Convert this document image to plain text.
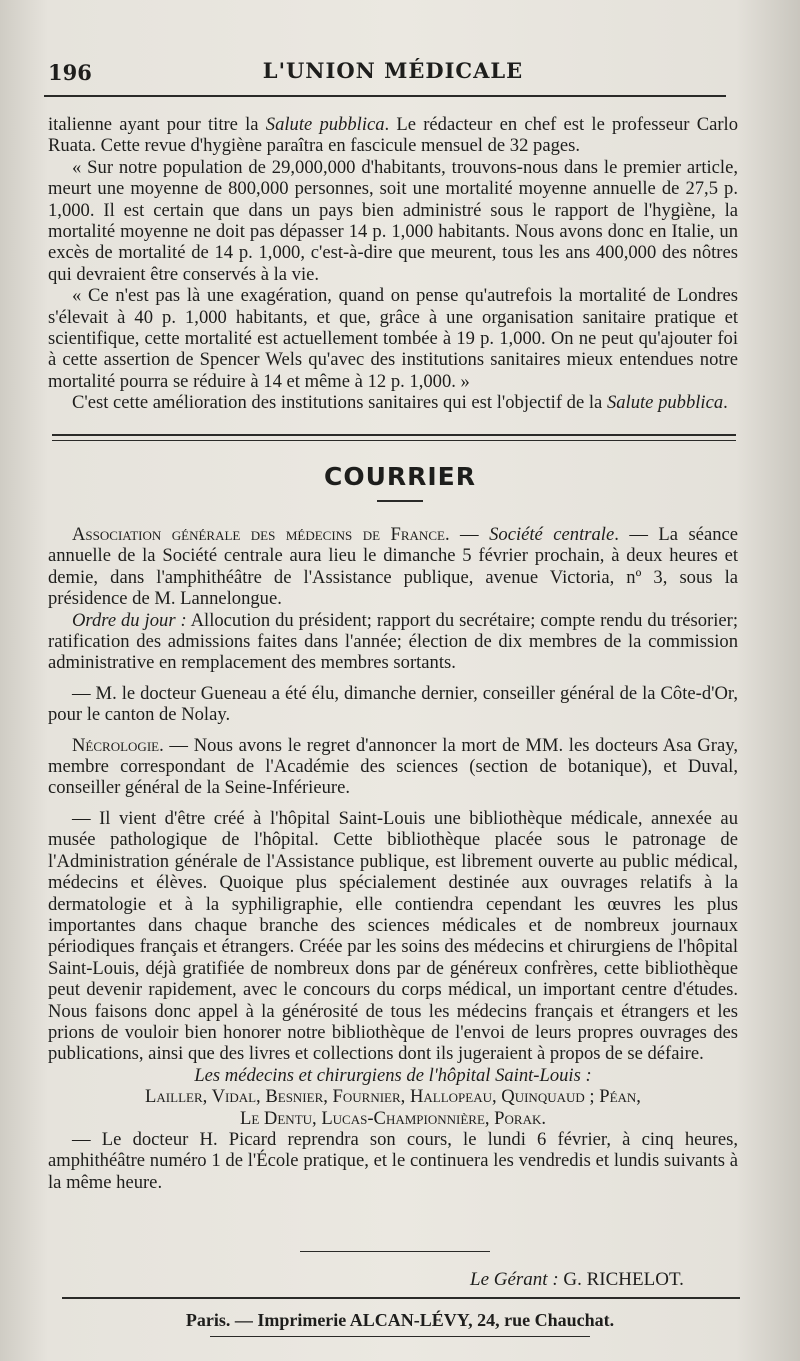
196	L'UNION MÉDICALE

italienne ayant pour titre la Salute pubblica. Le rédacteur en chef est le professeur Carlo Ruata. Cette revue d'hygiène paraîtra en fascicule mensuel de 32 pages.

« Sur notre population de 29,000,000 d'habitants, trouvons-nous dans le premier article, meurt une moyenne de 800,000 personnes, soit une mortalité moyenne annuelle de 27,5 p. 1,000. Il est certain que dans un pays bien administré sous le rapport de l'hygiène, la mortalité moyenne ne doit pas dépasser 14 p. 1,000 habitants. Nous avons donc en Italie, un excès de mortalité de 14 p. 1,000, c'est-à-dire que meurent, tous les ans 400,000 des nôtres qui devraient être conservés à la vie.

« Ce n'est pas là une exagération, quand on pense qu'autrefois la mortalité de Londres s'élevait à 40 p. 1,000 habitants, et que, grâce à une organisation sanitaire pratique et scientifique, cette mortalité est actuellement tombée à 19 p. 1,000. On ne peut qu'ajouter foi à cette assertion de Spencer Wels qu'avec des institutions sanitaires mieux entendues notre mortalité pourra se réduire à 14 et même à 12 p. 1,000. »

C'est cette amélioration des institutions sanitaires qui est l'objectif de la Salute pubblica.

COURRIER

Association générale des médecins de France. — Société centrale. — La séance annuelle de la Société centrale aura lieu le dimanche 5 février prochain, à deux heures et demie, dans l'amphithéâtre de l'Assistance publique, avenue Victoria, nº 3, sous la présidence de M. Lannelongue.

Ordre du jour : Allocution du président; rapport du secrétaire; compte rendu du trésorier; ratification des admissions faites dans l'année; élection de dix membres de la commission administrative en remplacement des membres sortants.

— M. le docteur Gueneau a été élu, dimanche dernier, conseiller général de la Côte-d'Or, pour le canton de Nolay.

Nécrologie. — Nous avons le regret d'annoncer la mort de MM. les docteurs Asa Gray, membre correspondant de l'Académie des sciences (section de botanique), et Duval, conseiller général de la Seine-Inférieure.

— Il vient d'être créé à l'hôpital Saint-Louis une bibliothèque médicale, annexée au musée pathologique de l'hôpital. Cette bibliothèque placée sous le patronage de l'Administration générale de l'Assistance publique, est librement ouverte au public médical, médecins et élèves. Quoique plus spécialement destinée aux ouvrages relatifs à la dermatologie et à la syphiligraphie, elle contiendra cependant les œuvres les plus importantes dans chaque branche des sciences médicales et de nombreux journaux périodiques français et étrangers. Créée par les soins des médecins et chirurgiens de l'hôpital Saint-Louis, déjà gratifiée de nombreux dons par de généreux confrères, cette bibliothèque peut devenir rapidement, avec le concours du corps médical, un important centre d'études. Nous faisons donc appel à la générosité de tous les médecins français et étrangers et les prions de vouloir bien honorer notre bibliothèque de l'envoi de leurs propres ouvrages des publications, ainsi que des livres et collections dont ils jugeraient à propos de se défaire.

Les médecins et chirurgiens de l'hôpital Saint-Louis :

Lailler, Vidal, Besnier, Fournier, Hallopeau, Quinquaud ; Péan,

Le Dentu, Lucas-Championnière, Porak.

— Le docteur H. Picard reprendra son cours, le lundi 6 février, à cinq heures, amphithéâtre numéro 1 de l'École pratique, et le continuera les vendredis et lundis suivants à la même heure.

Le Gérant : G. RICHELOT.
Paris. — Imprimerie ALCAN-LÉVY, 24, rue Chauchat.
